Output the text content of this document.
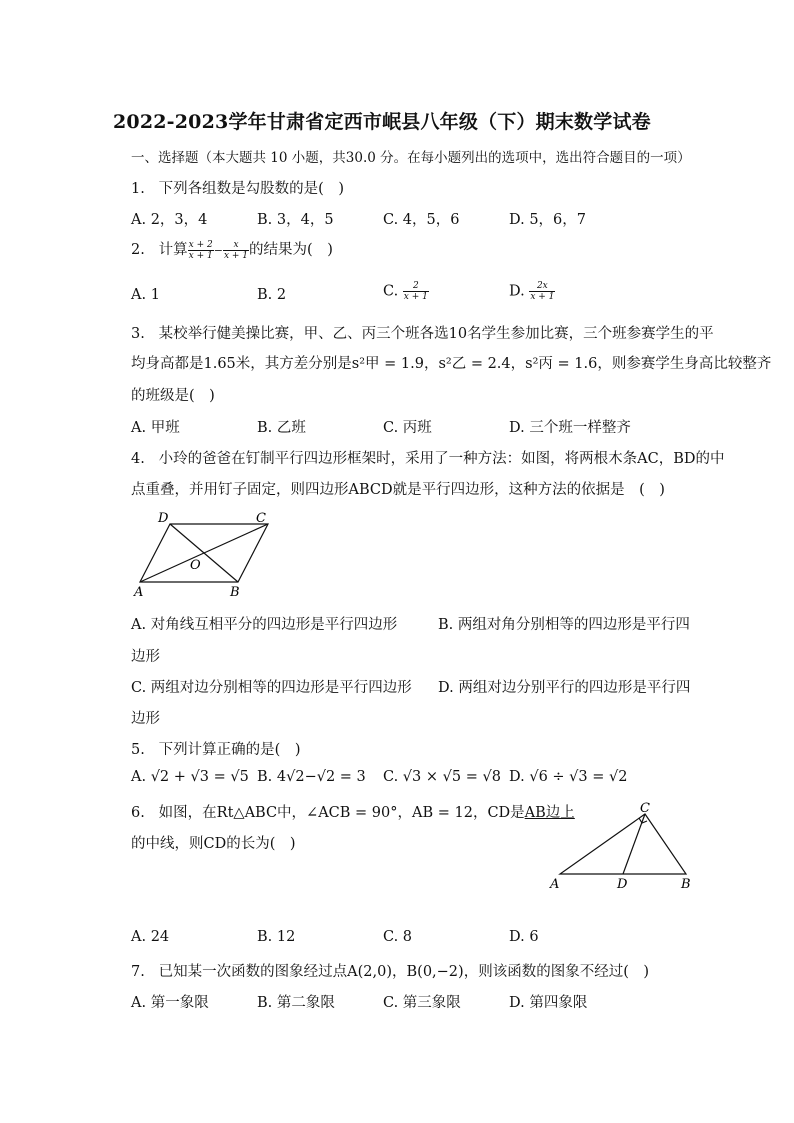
2022-2023学年甘肃省定西市岷县八年级（下）期末数学试卷
一、选择题（本大题共 10 小题，共30.0 分。在每小题列出的选项中，选出符合题目的一项）
1. 下列各组数是勾股数的是(　)
A. 2，3，4	B. 3，4，5	C. 4，5，6	D. 5，6，7
2. 计算 $\frac{x + 2}{x + 1} - \frac{x}{x + 1}$ 的结果为(　)
A. 1	B. 2	C. $\frac{2}{x + 1}$	D. $\frac{2x}{x + 1}$
3. 某校举行健美操比赛，甲、乙、丙三个班各选10名学生参加比赛，三个班参赛学生的平
均身高都是1.65米，其方差分别是s²甲 = 1.9，s²乙 = 2.4，s²丙 = 1.6，则参赛学生身高比较整齐
的班级是(　)
A. 甲班	B. 乙班	C. 丙班	D. 三个班一样整齐
4. 小玲的爸爸在钉制平行四边形框架时，采用了一种方法：如图，将两根木条AC，BD的中
点重叠，并用钉子固定，则四边形ABCD就是平行四边形，这种方法的依据是　(　)
D	C
A	B
O
A. 对角线互相平分的四边形是平行四边形	B. 两组对角分别相等的四边形是平行四
边形
C. 两组对边分别相等的四边形是平行四边形 D. 两组对边分别平行的四边形是平行四
边形
5. 下列计算正确的是(　)
A. √2 + √3 = √5 B. 4√2−√2 = 3 C. √3 × √5 = √8 D. √6 ÷ √3 = √2
6. 如图，在Rt△ABC中，∠ACB = 90°，AB = 12，CD是AB边上
的中线，则CD的长为(　)
C
A	D	B
A. 24	B. 12	C. 8	D. 6
7. 已知某一次函数的图象经过点A(2,0)，B(0,−2)，则该函数的图象不经过(　)
A. 第一象限	B. 第二象限	C. 第三象限	D. 第四象限
